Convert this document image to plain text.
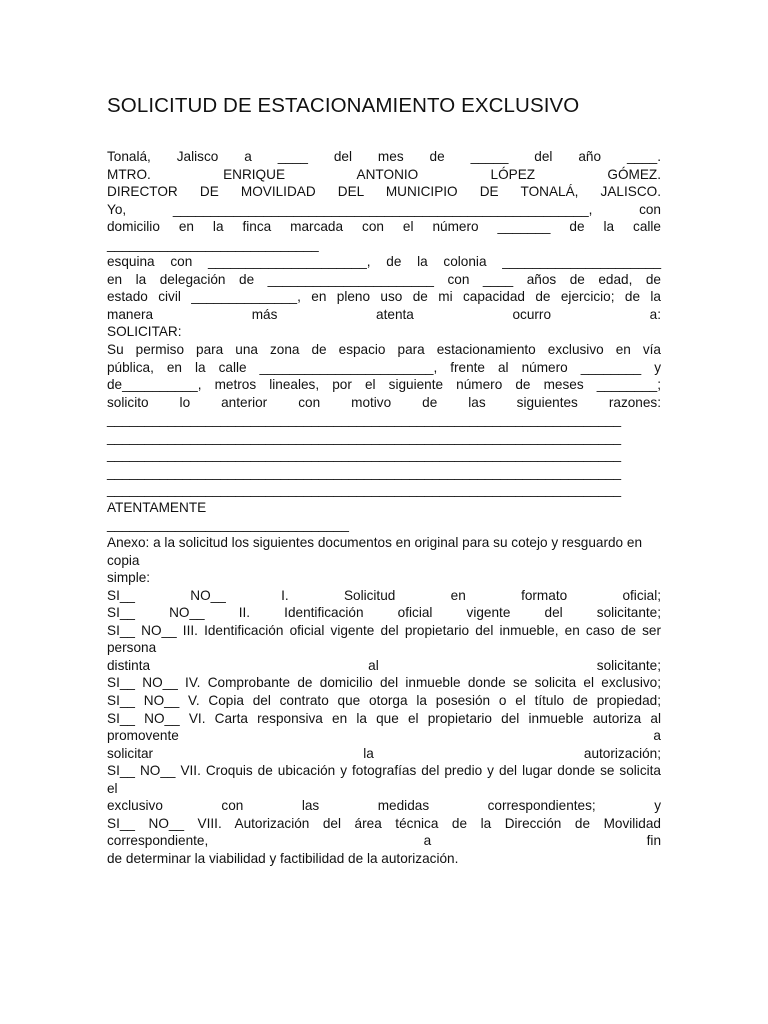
SOLICITUD DE ESTACIONAMIENTO EXCLUSIVO
Tonalá, Jalisco a ____ del mes de _____ del año ____.
MTRO. ENRIQUE ANTONIO LÓPEZ GÓMEZ.
DIRECTOR DE MOVILIDAD DEL MUNICIPIO DE TONALÁ, JALISCO.
Yo, _______________________________________________________, con
domicilio en la finca marcada con el número _______ de la calle
____________________________
esquina con _____________________, de la colonia _____________________
en la delegación de ______________________ con ____ años de edad, de
estado civil ______________, en pleno uso de mi capacidad de ejercicio; de la
manera más atenta ocurro a:
SOLICITAR:
Su permiso para una zona de espacio para estacionamiento exclusivo en vía
pública, en la calle _______________________, frente al número ________ y
de__________, metros lineales, por el siguiente número de meses ________;
solicito lo anterior con motivo de las siguientes razones:
____________________________________________________________________
____________________________________________________________________
____________________________________________________________________
____________________________________________________________________
____________________________________________________________________
ATENTAMENTE
________________________________
Anexo: a la solicitud los siguientes documentos en original para su cotejo y resguardo en
copia
simple:
SI__ NO__ I. Solicitud en formato oficial;
SI__ NO__ II. Identificación oficial vigente del solicitante;
SI__ NO__ III. Identificación oficial vigente del propietario del inmueble, en caso de ser
persona
distinta al solicitante;
SI__ NO__ IV. Comprobante de domicilio del inmueble donde se solicita el exclusivo;
SI__ NO__ V. Copia del contrato que otorga la posesión o el título de propiedad;
SI__ NO__ VI. Carta responsiva en la que el propietario del inmueble autoriza al
promovente a
solicitar la autorización;
SI__ NO__ VII. Croquis de ubicación y fotografías del predio y del lugar donde se solicita
el
exclusivo con las medidas correspondientes; y
SI__ NO__ VIII. Autorización del área técnica de la Dirección de Movilidad
correspondiente, a fin
de determinar la viabilidad y factibilidad de la autorización.
